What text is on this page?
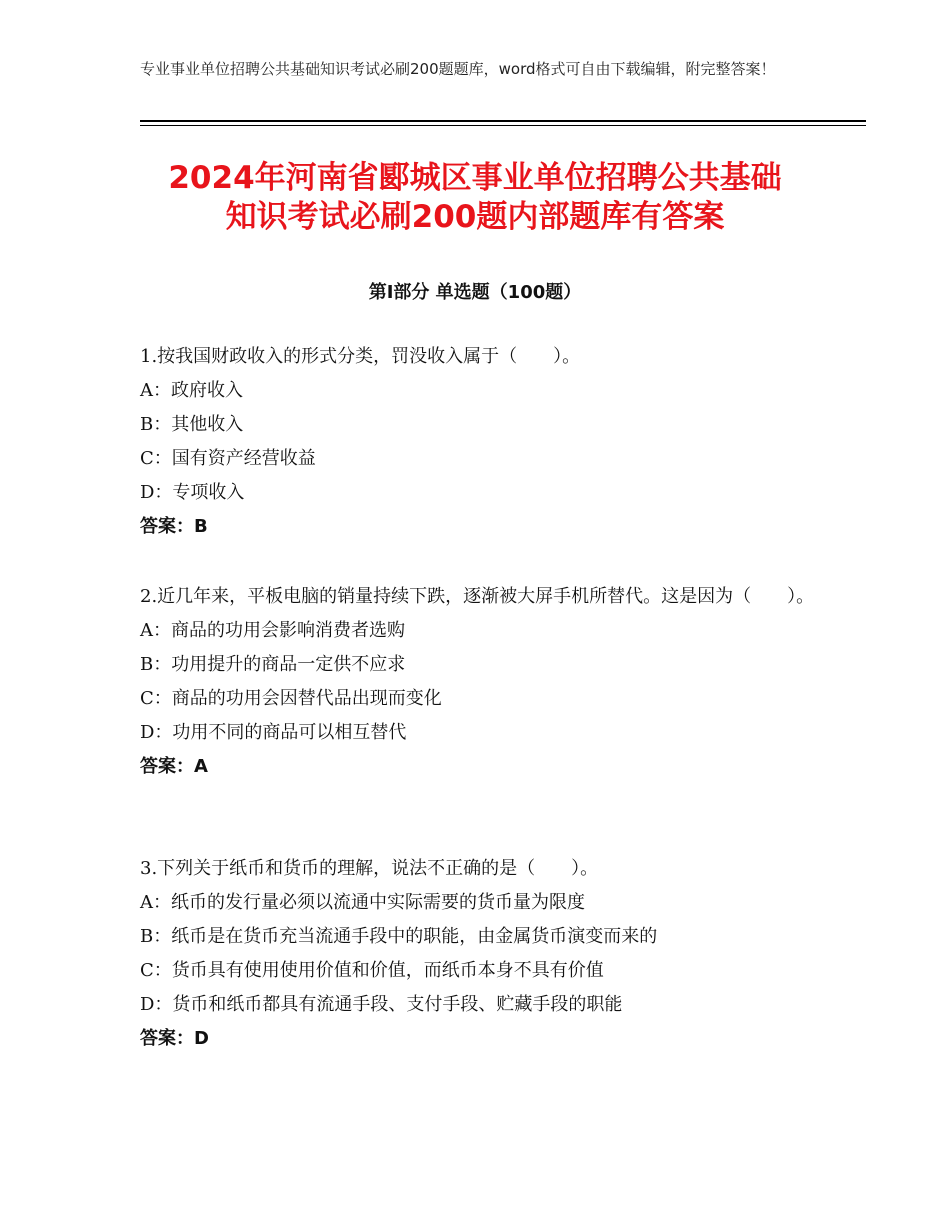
专业事业单位招聘公共基础知识考试必刷200题题库，word格式可自由下载编辑，附完整答案！
2024年河南省郾城区事业单位招聘公共基础
知识考试必刷200题内部题库有答案
第Ⅰ部分 单选题（100题）

1.按我国财政收入的形式分类，罚没收入属于（　　）。

A：政府收入

B：其他收入

C：国有资产经营收益

D：专项收入

答案：B

2.近几年来，平板电脑的销量持续下跌，逐渐被大屏手机所替代。这是因为（　　）。

A：商品的功用会影响消费者选购

B：功用提升的商品一定供不应求

C：商品的功用会因替代品出现而变化

D：功用不同的商品可以相互替代

答案：A

3.下列关于纸币和货币的理解，说法不正确的是（　　）。

A：纸币的发行量必须以流通中实际需要的货币量为限度

B：纸币是在货币充当流通手段中的职能，由金属货币演变而来的

C：货币具有使用使用价值和价值，而纸币本身不具有价值

D：货币和纸币都具有流通手段、支付手段、贮藏手段的职能

答案：D
